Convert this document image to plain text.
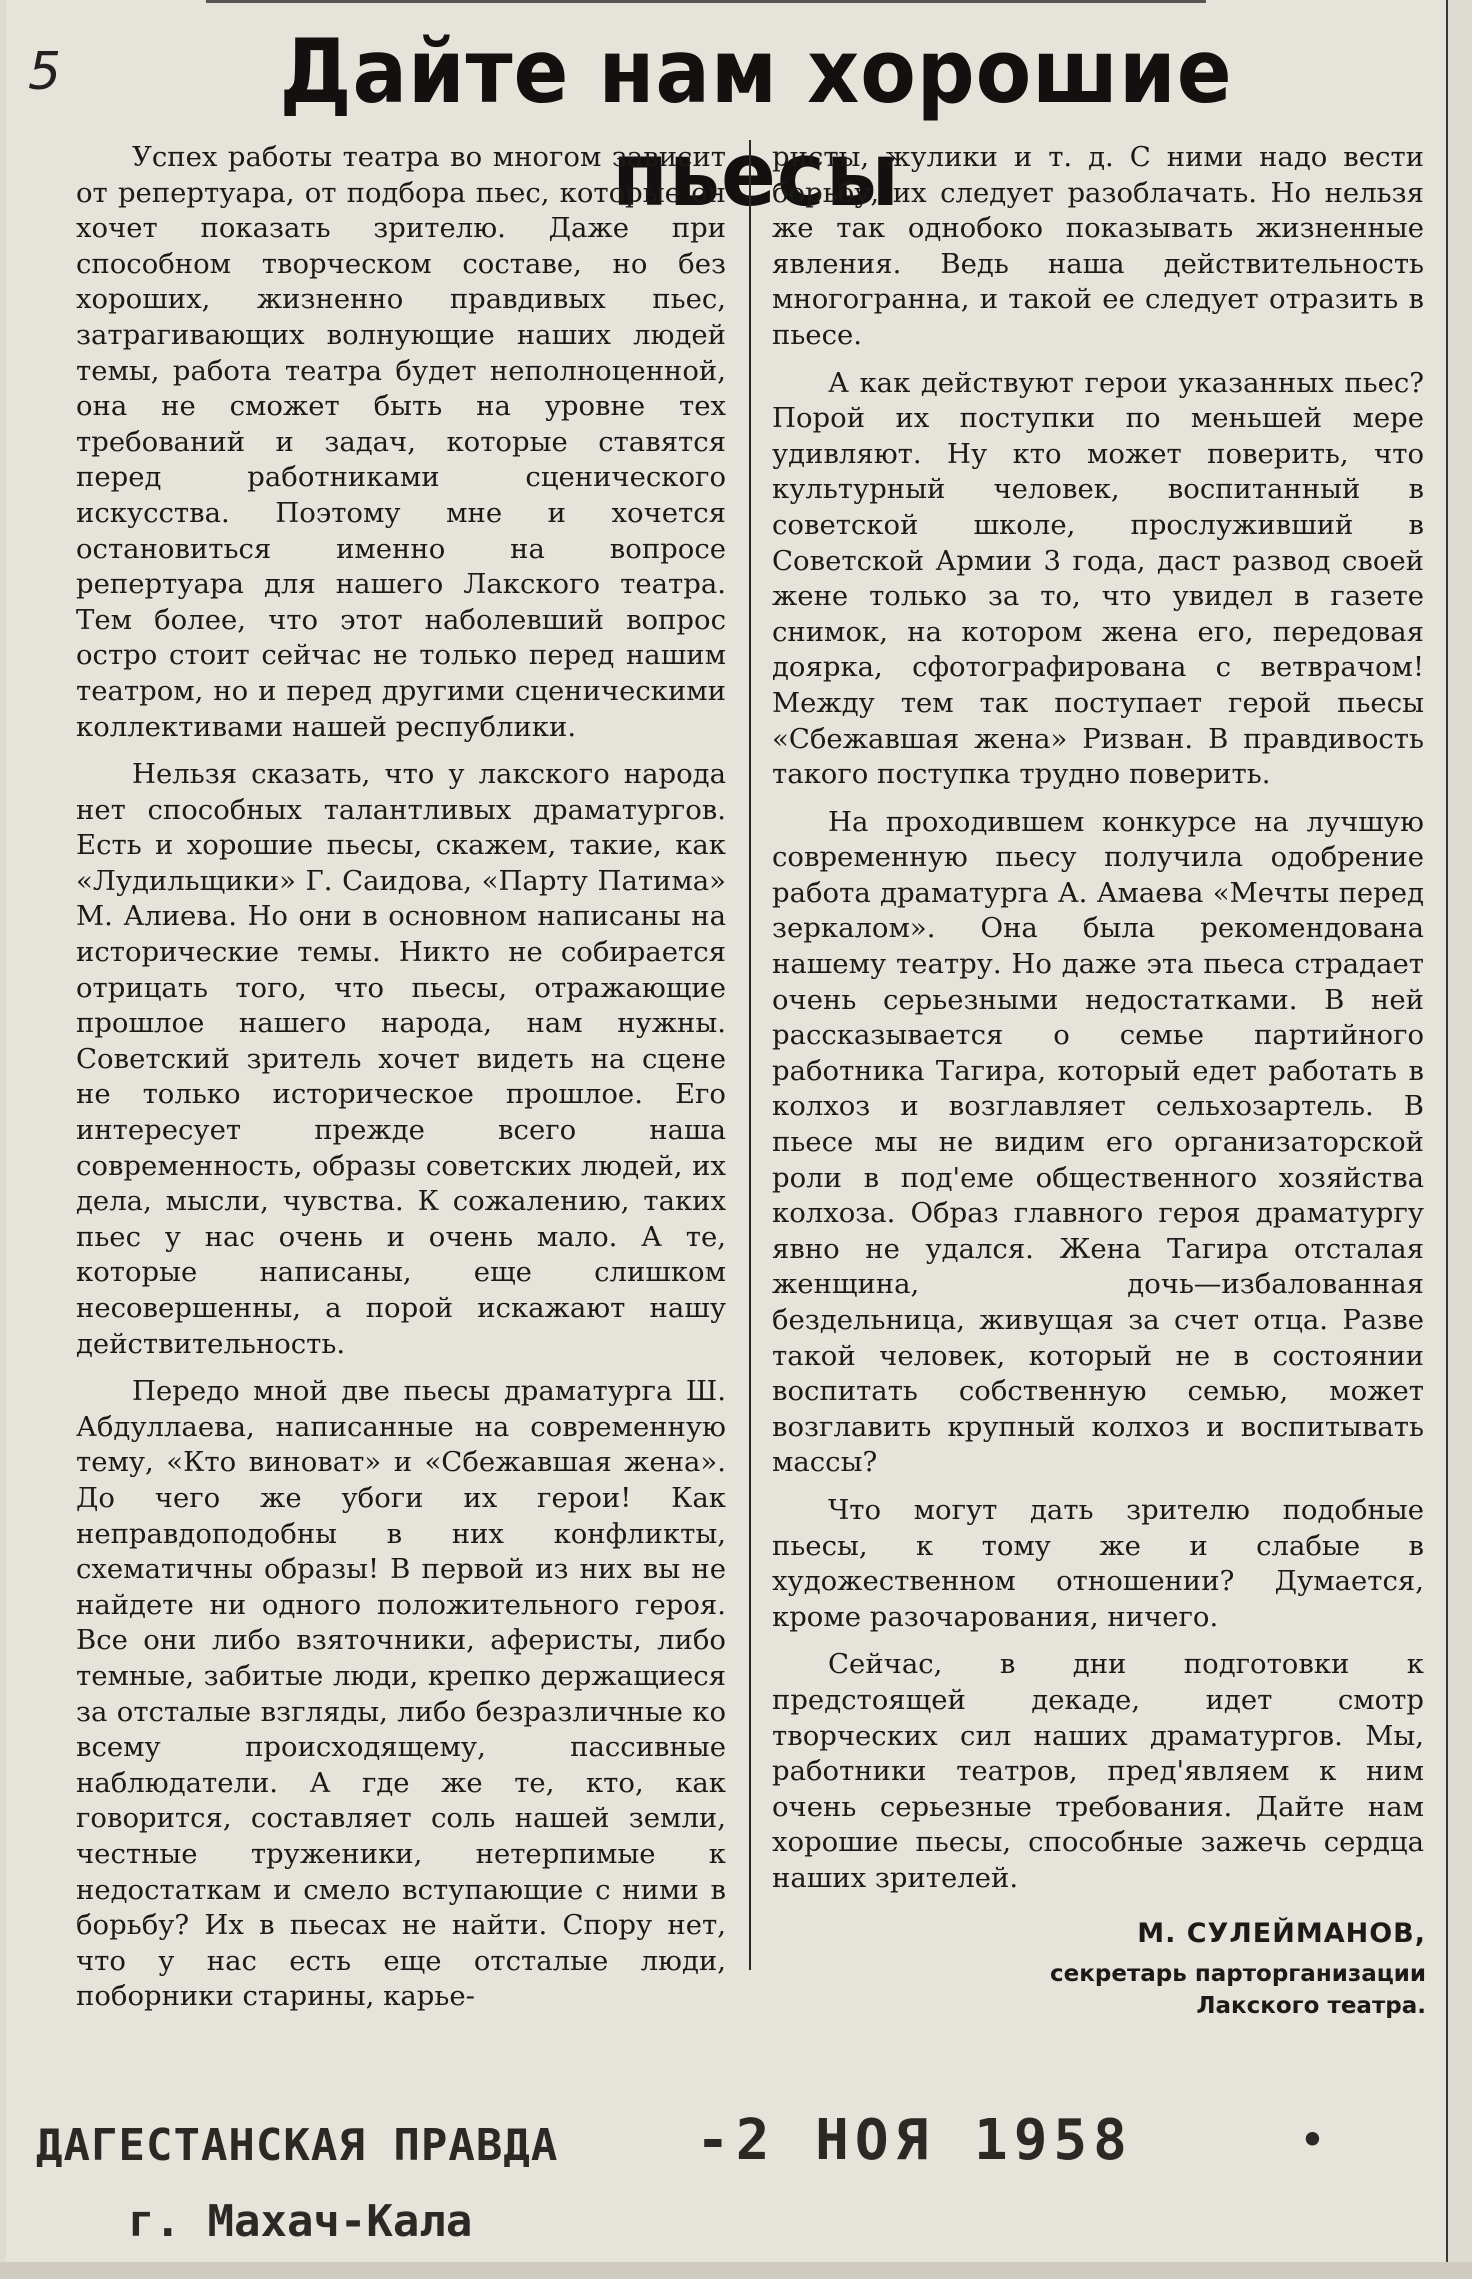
5	Дайте нам хорошие пьесы

Успех работы театра во многом зависит от репертуара, от подбора пьес, которые он хочет показать зрителю. Даже при способном творческом составе, но без хороших, жизненно правдивых пьес, затрагивающих волнующие наших людей темы, работа театра будет неполноценной, она не сможет быть на уровне тех требований и задач, которые ставятся перед работниками сценического искусства. Поэтому мне и хочется остановиться именно на вопросе репертуара для нашего Лакского театра. Тем более, что этот наболевший вопрос остро стоит сейчас не только перед нашим театром, но и перед другими сценическими коллективами нашей республики.

Нельзя сказать, что у лакского народа нет способных талантливых драматургов. Есть и хорошие пьесы, скажем, такие, как «Лудильщики» Г. Саидова, «Парту Патима» М. Алиева. Но они в основном написаны на исторические темы. Никто не собирается отрицать того, что пьесы, отражающие прошлое нашего народа, нам нужны. Советский зритель хочет видеть на сцене не только историческое прошлое. Его интересует прежде всего наша современность, образы советских людей, их дела, мысли, чувства. К сожалению, таких пьес у нас очень и очень мало. А те, которые написаны, еще слишком несовершенны, а порой искажают нашу действительность.

Передо мной две пьесы драматурга Ш. Абдуллаева, написанные на современную тему, «Кто виноват» и «Сбежавшая жена». До чего же убоги их герои! Как неправдоподобны в них конфликты, схематичны образы! В первой из них вы не найдете ни одного положительного героя. Все они либо взяточники, аферисты, либо темные, забитые люди, крепко держащиеся за отсталые взгляды, либо безразличные ко всему происходящему, пассивные наблюдатели. А где же те, кто, как говорится, составляет соль нашей земли, честные труженики, нетерпимые к недостаткам и смело вступающие с ними в борьбу? Их в пьесах не найти. Спору нет, что у нас есть еще отсталые люди, поборники старины, карье-

ристы, жулики и т. д. С ними надо вести борьбу, их следует разоблачать. Но нельзя же так однобоко показывать жизненные явления. Ведь наша действительность многогранна, и такой ее следует отразить в пьесе.

А как действуют герои указанных пьес? Порой их поступки по меньшей мере удивляют. Ну кто может поверить, что культурный человек, воспитанный в советской школе, прослуживший в Советской Армии 3 года, даст развод своей жене только за то, что увидел в газете снимок, на котором жена его, передовая доярка, сфотографирована с ветврачом! Между тем так поступает герой пьесы «Сбежавшая жена» Ризван. В правдивость такого поступка трудно поверить.

На проходившем конкурсе на лучшую современную пьесу получила одобрение работа драматурга А. Амаева «Мечты перед зеркалом». Она была рекомендована нашему театру. Но даже эта пьеса страдает очень серьезными недостатками. В ней рассказывается о семье партийного работника Тагира, который едет работать в колхоз и возглавляет сельхозартель. В пьесе мы не видим его организаторской роли в под'еме общественного хозяйства колхоза. Образ главного героя драматургу явно не удался. Жена Тагира отсталая женщина, дочь—избалованная бездельница, живущая за счет отца. Разве такой человек, который не в состоянии воспитать собственную семью, может возглавить крупный колхоз и воспитывать массы?

Что могут дать зрителю подобные пьесы, к тому же и слабые в художественном отношении? Думается, кроме разочарования, ничего.

Сейчас, в дни подготовки к предстоящей декаде, идет смотр творческих сил наших драматургов. Мы, работники театров, пред'являем к ним очень серьезные требования. Дайте нам хорошие пьесы, способные зажечь сердца наших зрителей.

М. СУЛЕЙМАНОВ,
секретарь парторганизации
Лакского театра.
ДАГЕСТАНСКАЯ ПРАВДА
г. Махач-Кала
-2 НОЯ 1958	•
